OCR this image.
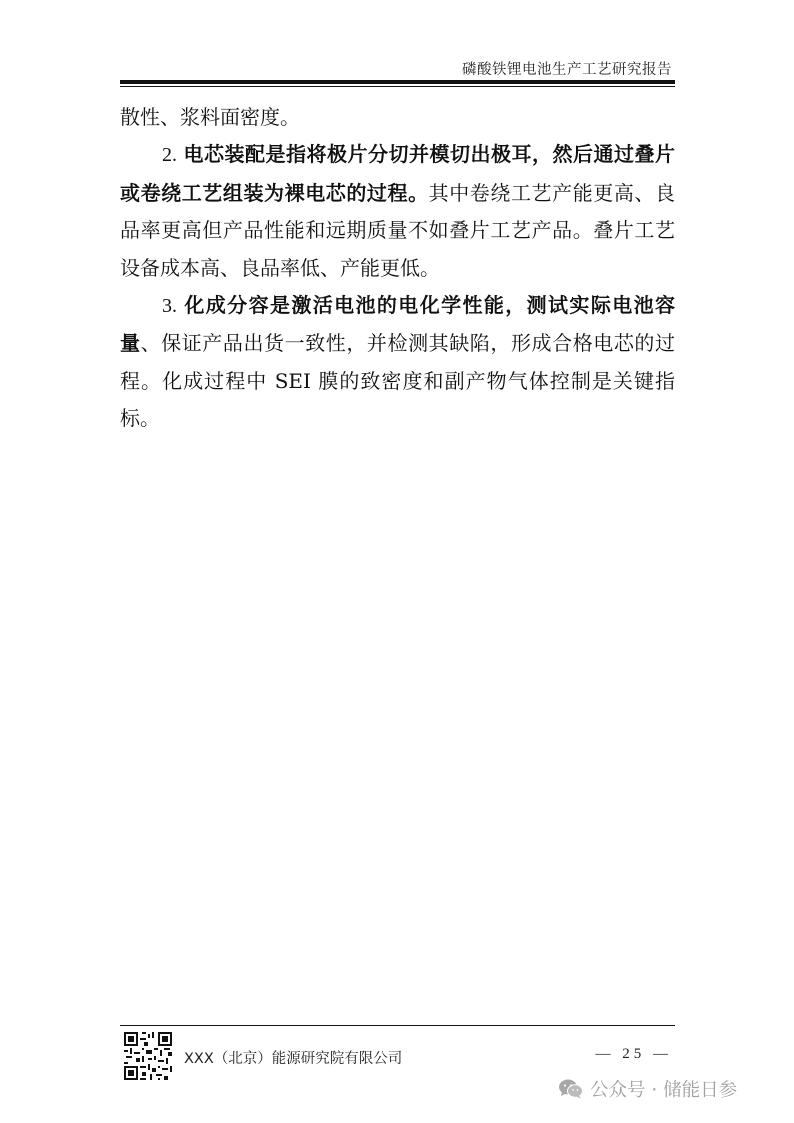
磷酸铁锂电池生产工艺研究报告

散性、浆料面密度。

2. 电芯装配是指将极片分切并模切出极耳，然后通过叠片或卷绕工艺组装为裸电芯的过程。其中卷绕工艺产能更高、良品率更高但产品性能和远期质量不如叠片工艺产品。叠片工艺设备成本高、良品率低、产能更低。

3. 化成分容是激活电池的电化学性能，测试实际电池容量、保证产品出货一致性，并检测其缺陷，形成合格电芯的过程。化成过程中 SEI 膜的致密度和副产物气体控制是关键指标。

XXX（北京）能源研究院有限公司	— 25 —
公众号 · 储能日参
